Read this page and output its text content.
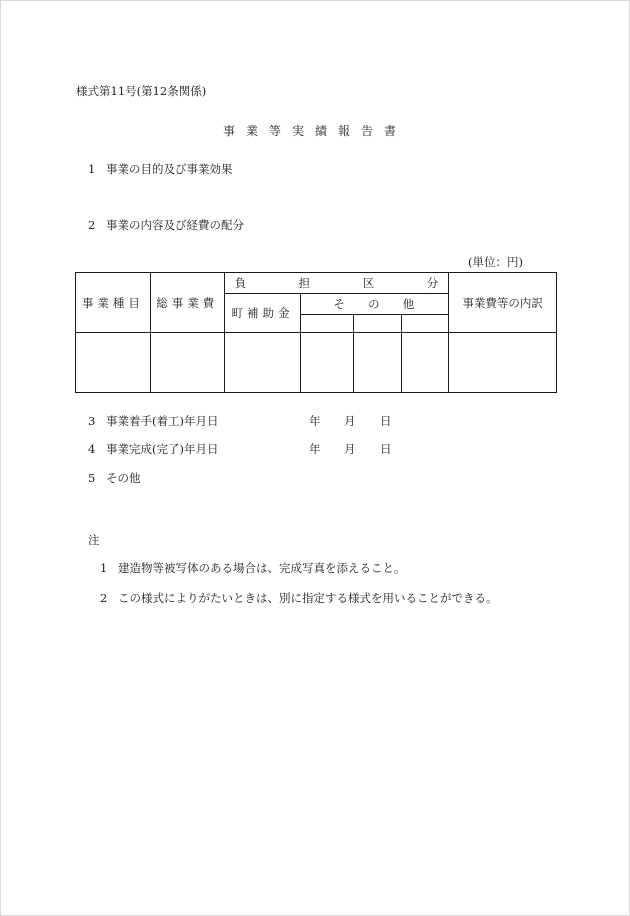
様式第11号(第12条関係)
事業等実績報告書
1 事業の目的及び事業効果
2 事業の内容及び経費の配分
(単位：円)
事業種目	総事業費	負 担 区 分				事業費等の内訳
		町補助金	そ の 他			

3 事業着手(着工)年月日	年 月 日
4 事業完成(完了)年月日	年 月 日
5 その他
注
1 建造物等被写体のある場合は、完成写真を添えること。
2 この様式によりがたいときは、別に指定する様式を用いることができる。
